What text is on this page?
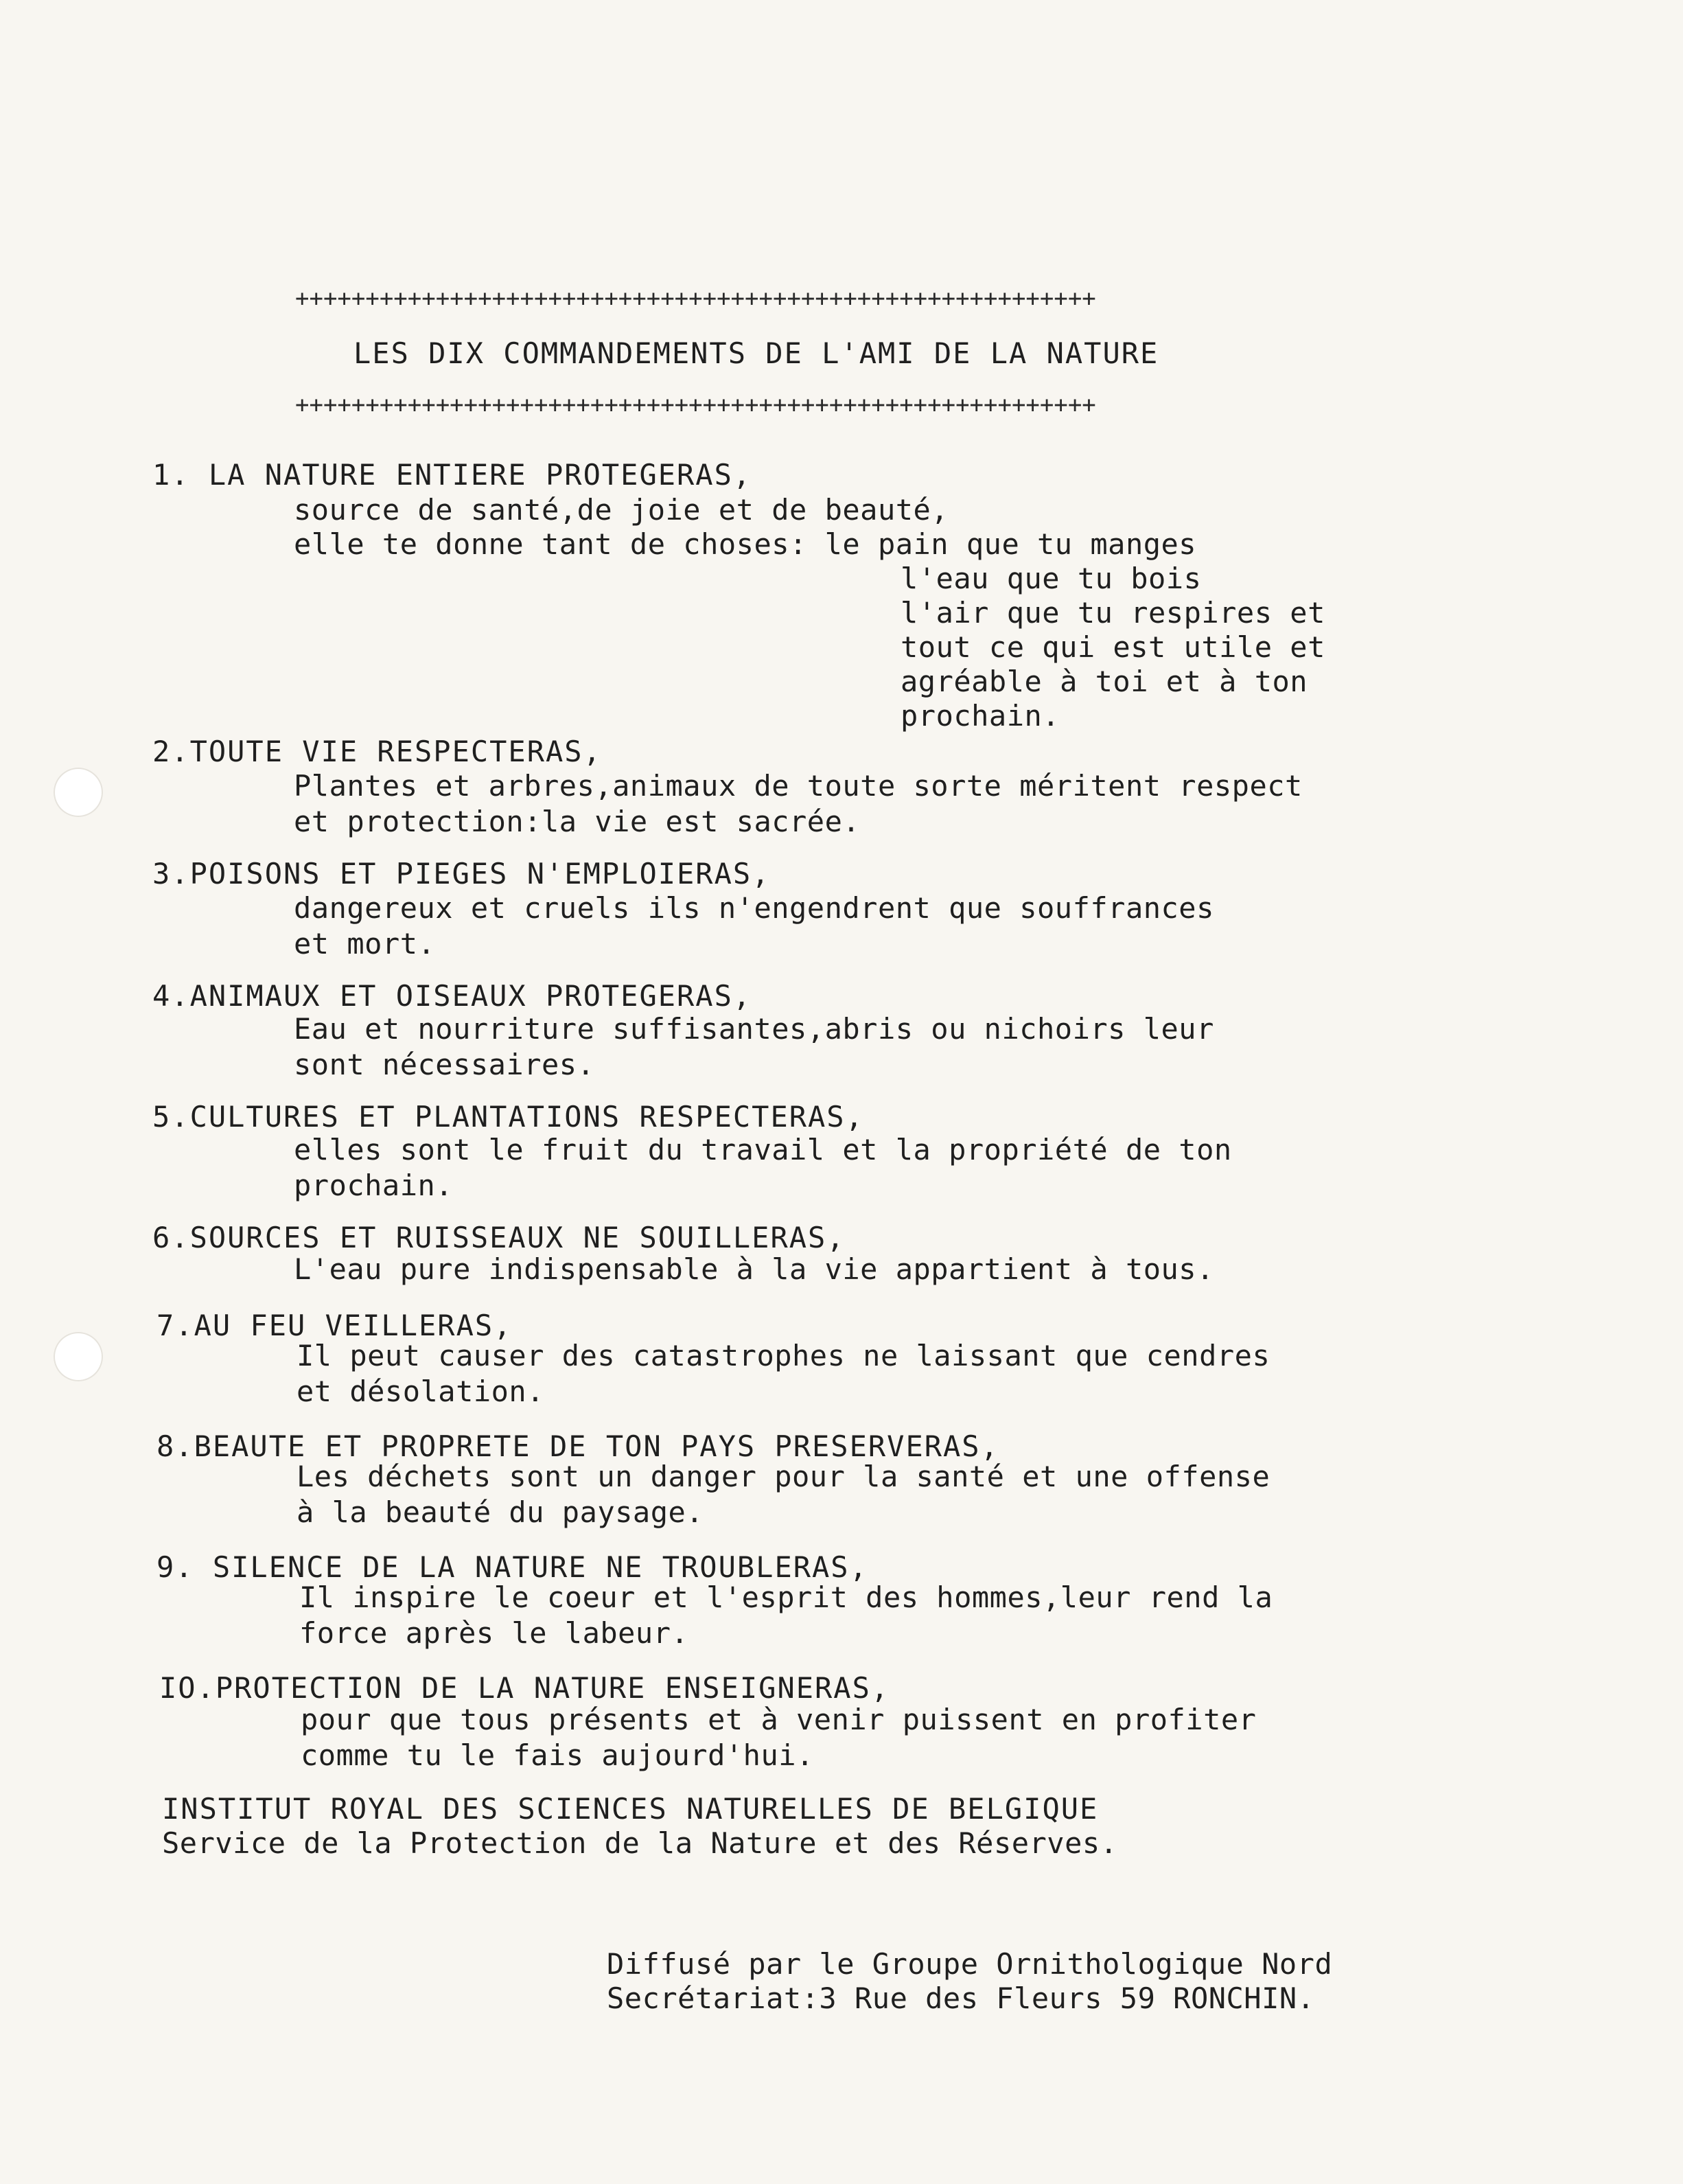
+++++++++++++++++++++++++++++++++++++++++++++++++++++++++
LES DIX COMMANDEMENTS DE L'AMI DE LA NATURE
+++++++++++++++++++++++++++++++++++++++++++++++++++++++++
1. LA NATURE ENTIERE PROTEGERAS,
source de santé,de joie et de beauté,
elle te donne tant de choses: le pain que tu manges
l'eau que tu bois
l'air que tu respires et
tout ce qui est utile et
agréable à toi et à ton
prochain.
2.TOUTE VIE RESPECTERAS,
Plantes et arbres,animaux de toute sorte méritent respect
et protection:la vie est sacrée.
3.POISONS ET PIEGES N'EMPLOIERAS,
dangereux et cruels ils n'engendrent que souffrances
et mort.
4.ANIMAUX ET OISEAUX PROTEGERAS,
Eau et nourriture suffisantes,abris ou nichoirs leur
sont nécessaires.
5.CULTURES ET PLANTATIONS RESPECTERAS,
elles sont le fruit du travail et la propriété de ton
prochain.
6.SOURCES ET RUISSEAUX NE SOUILLERAS,
L'eau pure indispensable à la vie appartient à tous.
7.AU FEU VEILLERAS,
Il peut causer des catastrophes ne laissant que cendres
et désolation.
8.BEAUTE ET PROPRETE DE TON PAYS PRESERVERAS,
Les déchets sont un danger pour la santé et une offense
à la beauté du paysage.
9. SILENCE DE LA NATURE NE TROUBLERAS,
Il inspire le coeur et l'esprit des hommes,leur rend la
force après le labeur.
IO.PROTECTION DE LA NATURE ENSEIGNERAS,
pour que tous présents et à venir puissent en profiter
comme tu le fais aujourd'hui.
INSTITUT ROYAL DES SCIENCES NATURELLES DE BELGIQUE
Service de la Protection de la Nature et des Réserves.
Diffusé par le Groupe Ornithologique Nord
Secrétariat:3 Rue des Fleurs 59 RONCHIN.
